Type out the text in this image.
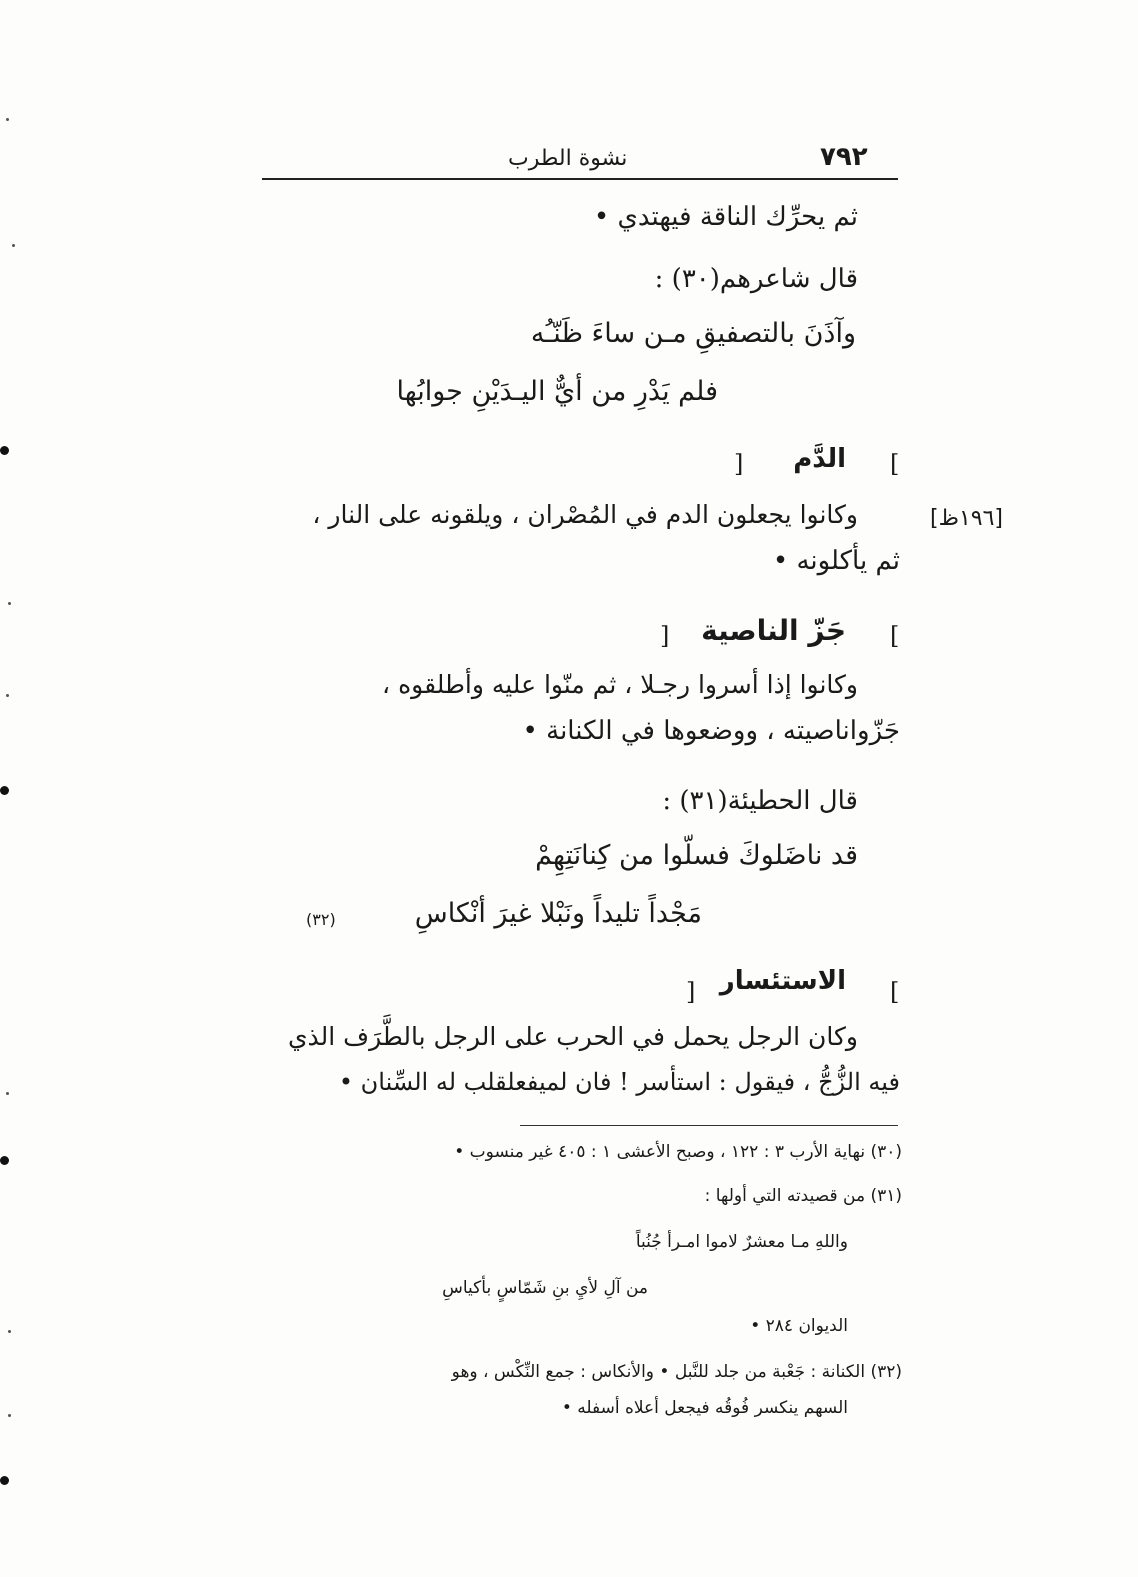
٧٩٢
نشوة الطرب
ثم يحرِّك الناقة فيهتدي •
قال شاعرهم(٣٠) :
وآذَنَ بالتصفيقِ مـن ساءَ ظَنّـُه
فلم يَدْرِ من أيٌّ اليـدَيْنِ جوابُها
[
الدَّم
]
[١٩٦ظ]
وكانوا يجعلون الدم في المُصْران ، ويلقونه على النار ،
ثم يأكلونه •
[
جَزّ الناصية
]
وكانوا إذا أسروا رجـلا ، ثم منّوا عليه وأطلقوه ،
جَزّواناصيته ، ووضعوها في الكنانة •
قال الحطيئة(٣١) :
قد ناضَلوكَ فسلّوا من كِنانَتِهِمْ
مَجْداً تليداً ونَبْلا غيرَ أنْكاسِ
(٣٢)
[
الاستئسار
]
وكان الرجل يحمل في الحرب على الرجل بالطَّرَف الذي
فيه الزُّجُّ ، فيقول : استأسر ! فان لميفعلقلب له السِّنان •
(٣٠) نهاية الأرب ٣ : ١٢٢ ، وصبح الأعشى ١ : ٤٠٥ غير منسوب •
(٣١) من قصيدته التي أولها :
واللهِ مـا معشرٌ لاموا امـرأ جُنُباً
من آلِ لأيِ بنِ شَمّاسٍ بأكياسِ
الديوان ٢٨٤ •
(٣٢) الكنانة : جَعْبة من جلد للنَّبل • والأنكاس : جمع النِّكْس ، وهو
السهم ينكسر فُوقُه فيجعل أعلاه أسفله •
